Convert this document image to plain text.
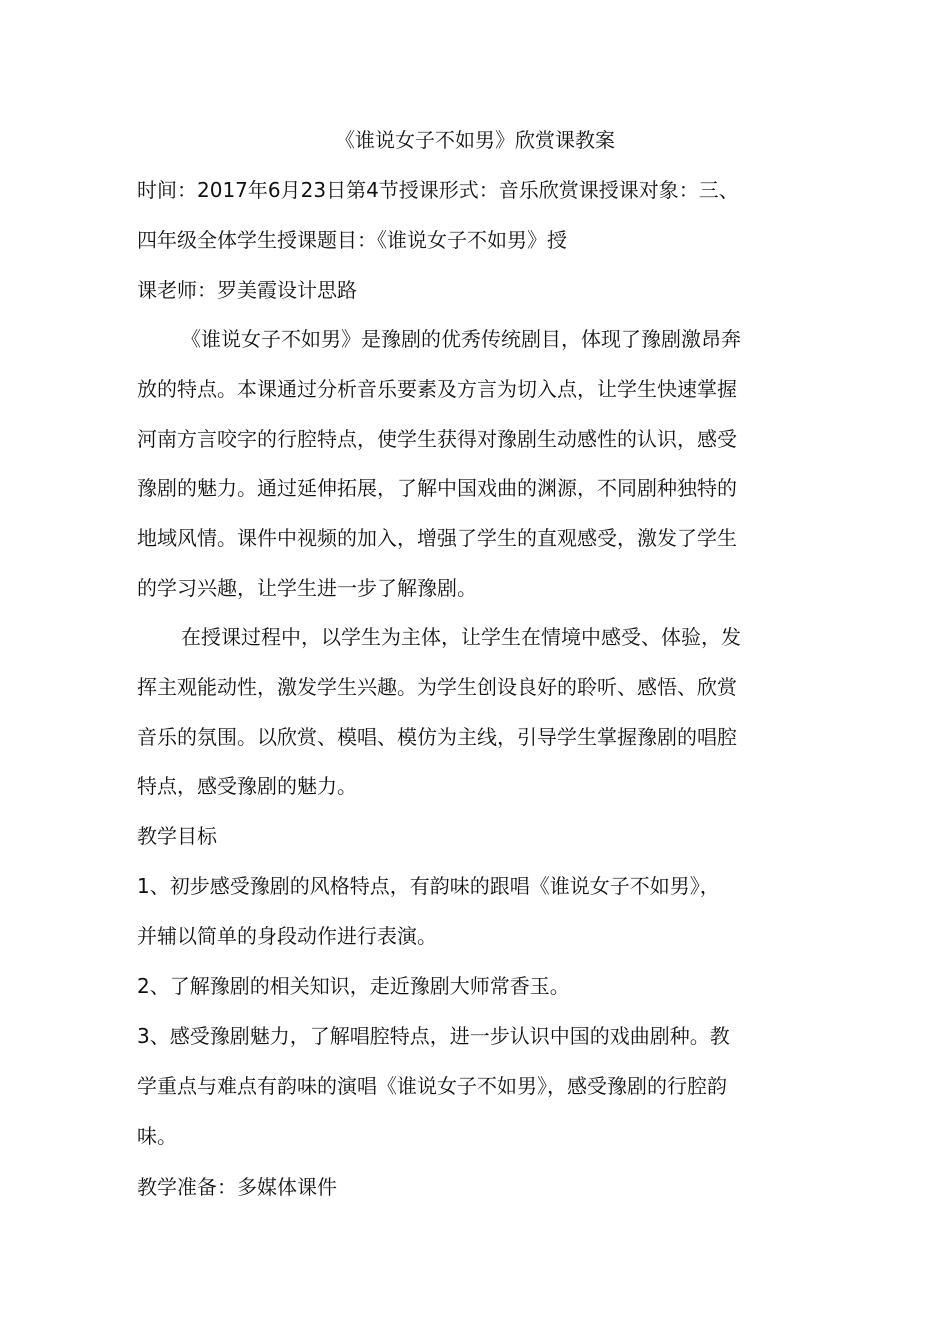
《谁说女子不如男》欣赏课教案
时间：2017年6月23日第4节授课形式：音乐欣赏课授课对象：三、
四年级全体学生授课题目：《谁说女子不如男》授
课老师：罗美霞设计思路
《谁说女子不如男》是豫剧的优秀传统剧目，体现了豫剧激昂奔
放的特点。本课通过分析音乐要素及方言为切入点，让学生快速掌握
河南方言咬字的行腔特点，使学生获得对豫剧生动感性的认识，感受
豫剧的魅力。通过延伸拓展，了解中国戏曲的渊源，不同剧种独特的
地域风情。课件中视频的加入，增强了学生的直观感受，激发了学生
的学习兴趣，让学生进一步了解豫剧。
在授课过程中，以学生为主体，让学生在情境中感受、体验，发
挥主观能动性，激发学生兴趣。为学生创设良好的聆听、感悟、欣赏
音乐的氛围。以欣赏、模唱、模仿为主线，引导学生掌握豫剧的唱腔
特点，感受豫剧的魅力。
教学目标
1、初步感受豫剧的风格特点，有韵味的跟唱《谁说女子不如男》，
并辅以简单的身段动作进行表演。
2、了解豫剧的相关知识，走近豫剧大师常香玉。
3、感受豫剧魅力，了解唱腔特点，进一步认识中国的戏曲剧种。教
学重点与难点有韵味的演唱《谁说女子不如男》，感受豫剧的行腔韵
味。
教学准备：多媒体课件
